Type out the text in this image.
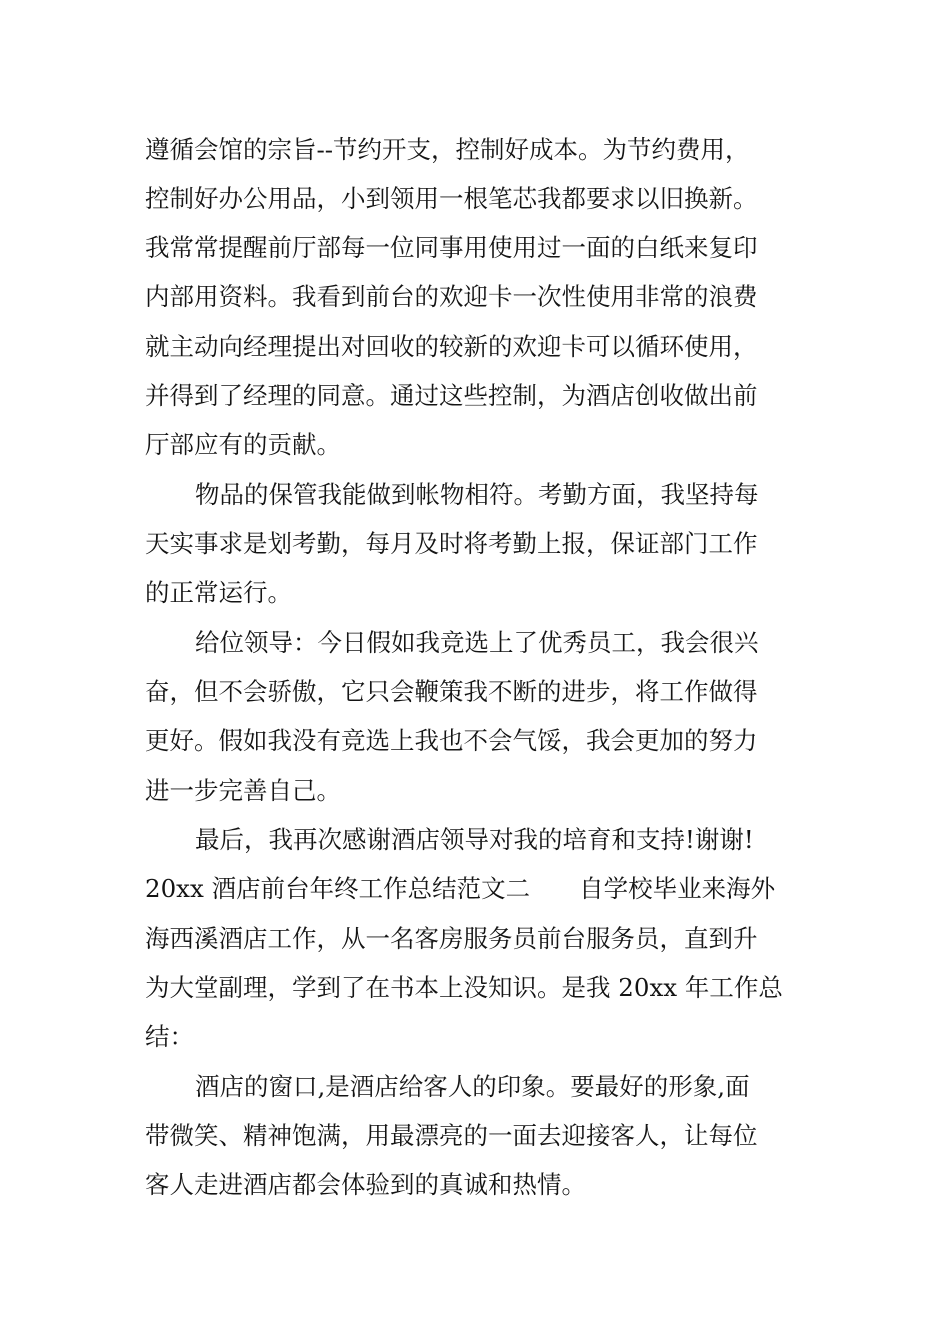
遵循会馆的宗旨--节约开支，控制好成本。为节约费用，
控制好办公用品，小到领用一根笔芯我都要求以旧换新。
我常常提醒前厅部每一位同事用使用过一面的白纸来复印
内部用资料。我看到前台的欢迎卡一次性使用非常的浪费
就主动向经理提出对回收的较新的欢迎卡可以循环使用，
并得到了经理的同意。通过这些控制，为酒店创收做出前
厅部应有的贡献。
物品的保管我能做到帐物相符。考勤方面，我坚持每
天实事求是划考勤，每月及时将考勤上报，保证部门工作
的正常运行。
给位领导：今日假如我竞选上了优秀员工，我会很兴
奋，但不会骄傲，它只会鞭策我不断的进步，将工作做得
更好。假如我没有竞选上我也不会气馁，我会更加的努力
进一步完善自己。
最后，我再次感谢酒店领导对我的培育和支持!谢谢!
20xx 酒店前台年终工作总结范文二　　自学校毕业来海外
海西溪酒店工作，从一名客房服务员前台服务员，直到升
为大堂副理，学到了在书本上没知识。是我 20xx 年工作总
结：
酒店的窗口,是酒店给客人的印象。要最好的形象,面
带微笑、精神饱满，用最漂亮的一面去迎接客人，让每位
客人走进酒店都会体验到的真诚和热情。
